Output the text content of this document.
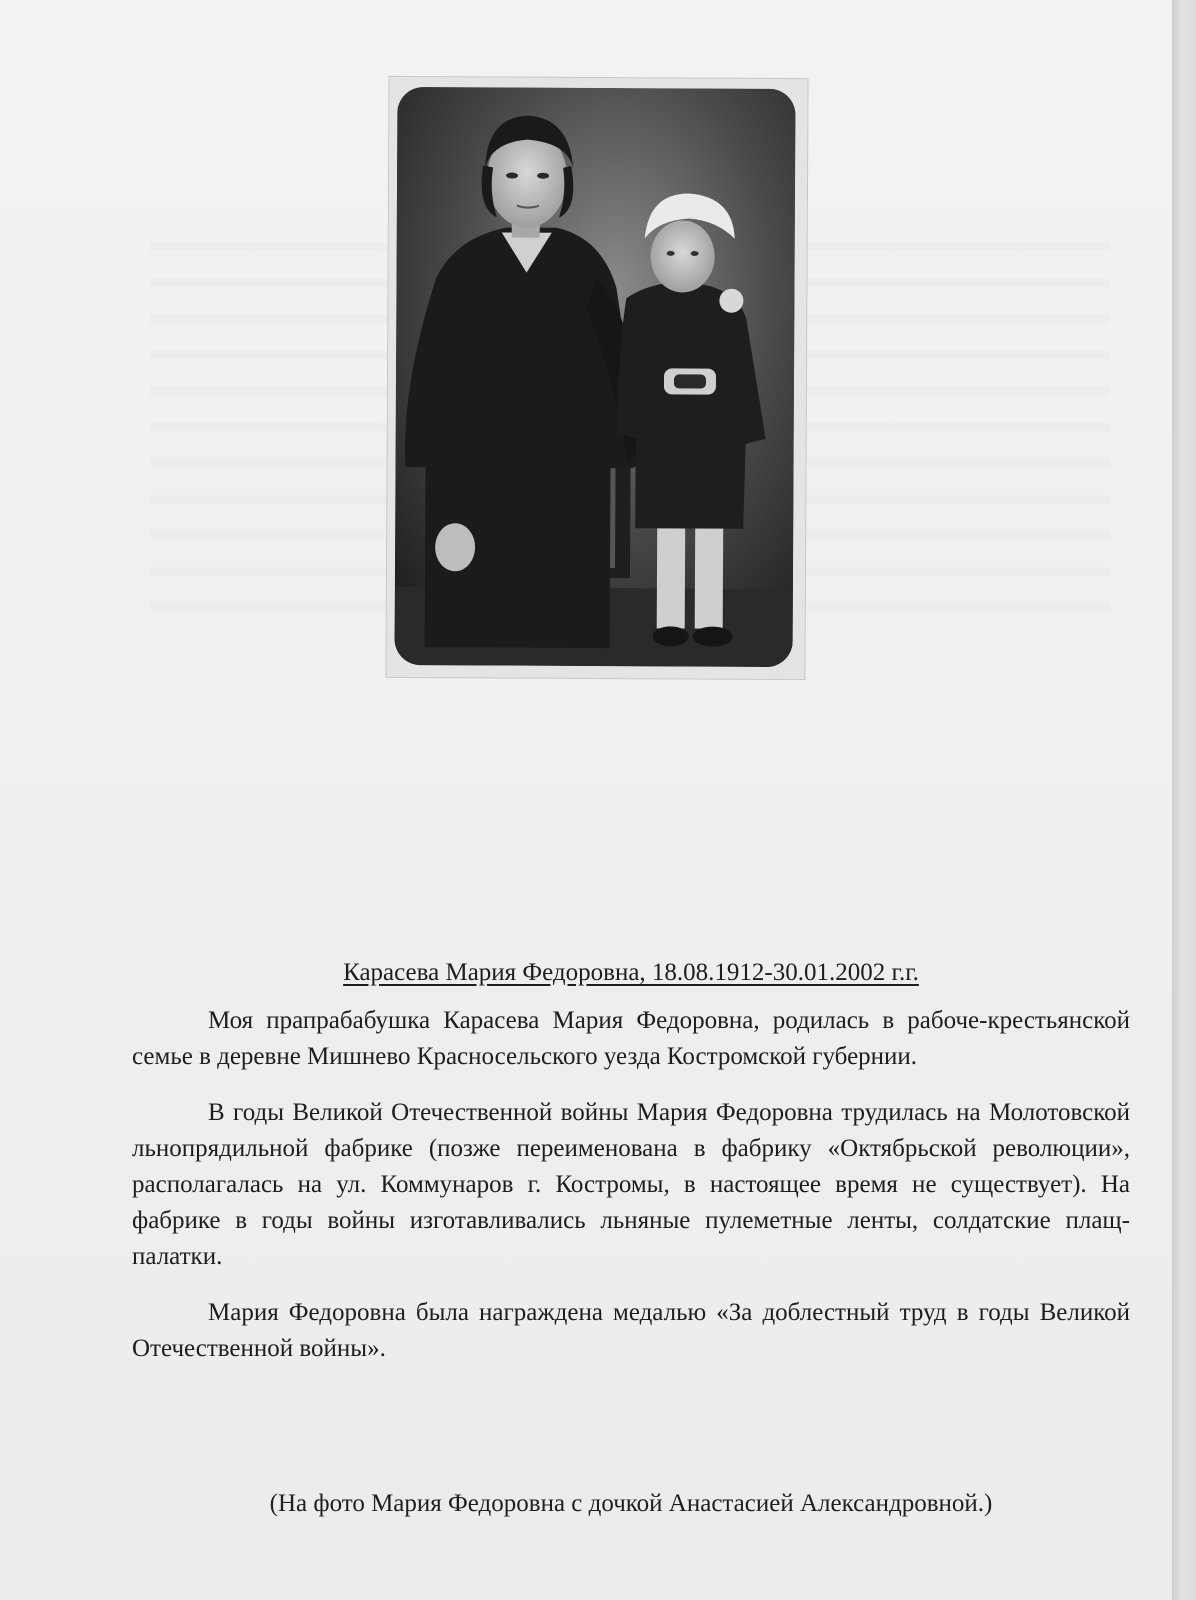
Карасева Мария Федоровна, 18.08.1912-30.01.2002 г.г.

Моя прапрабабушка Карасева Мария Федоровна, родилась в рабоче-крестьянской семье в деревне Мишнево Красносельского уезда Костромской губернии.

В годы Великой Отечественной войны Мария Федоровна трудилась на Молотовской льнопрядильной фабрике (позже переименована в фабрику «Октябрьской революции», располагалась на ул. Коммунаров г. Костромы, в настоящее время не существует). На фабрике в годы войны изготавливались льняные пулеметные ленты, солдатские плащ-палатки.

Мария Федоровна была награждена медалью «За доблестный труд в годы Великой Отечественной войны».

(На фото Мария Федоровна с дочкой Анастасией Александровной.)
